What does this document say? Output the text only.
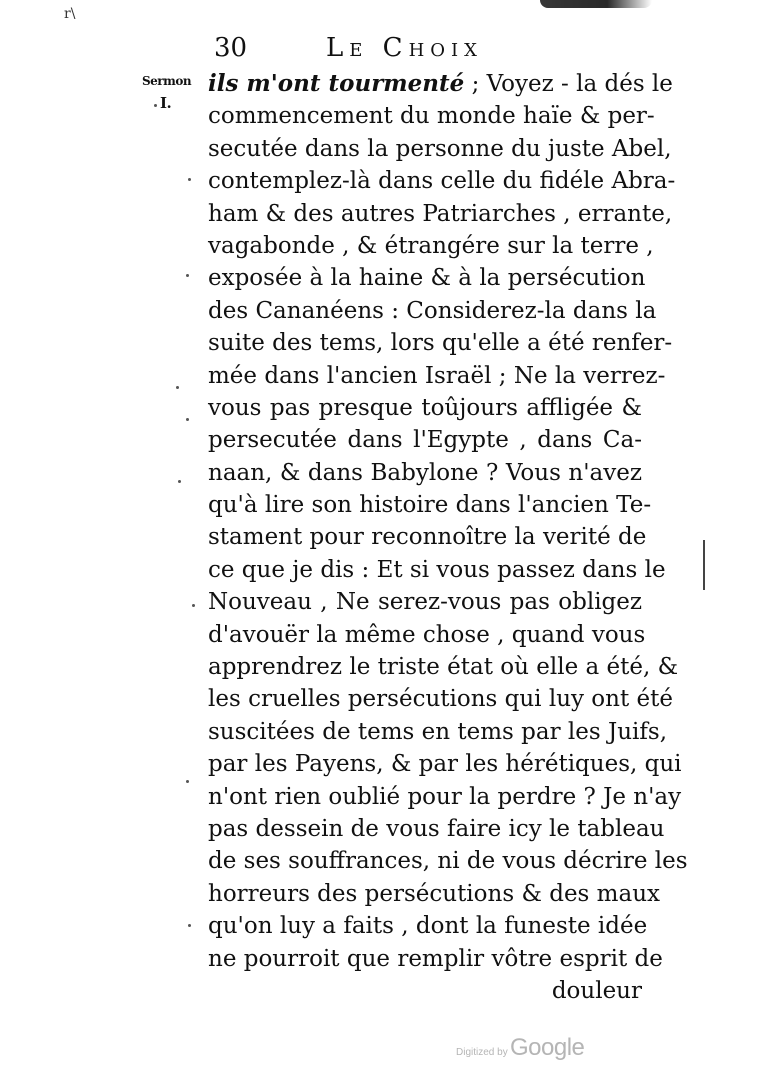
r\
30	Le Choix
Sermon
I.
ils m'ont tourmenté ; Voyez - la dés le
commencement du monde haïe & per-
secutée dans la personne du juste Abel,
contemplez-là dans celle du fidéle Abra-
ham & des autres Patriarches , errante,
vagabonde , & étrangére sur la terre ,
exposée à la haine & à la persécution
des Cananéens : Considerez-la dans la
suite des tems, lors qu'elle a été renfer-
mée dans l'ancien Israël ; Ne la verrez-
vous pas presque toûjours affligée &
persecutée dans l'Egypte , dans Ca-
naan, & dans Babylone ? Vous n'avez
qu'à lire son histoire dans l'ancien Te-
stament pour reconnoître la verité de
ce que je dis : Et si vous passez dans le
Nouveau , Ne serez-vous pas obligez
d'avouër la même chose , quand vous
apprendrez le triste état où elle a été, &
les cruelles persécutions qui luy ont été
suscitées de tems en tems par les Juifs,
par les Payens, & par les hérétiques, qui
n'ont rien oublié pour la perdre ? Je n'ay
pas dessein de vous faire icy le tableau
de ses souffrances, ni de vous décrire les
horreurs des persécutions & des maux
qu'on luy a faits , dont la funeste idée
ne pourroit que remplir vôtre esprit de
douleur
Digitized by Google
